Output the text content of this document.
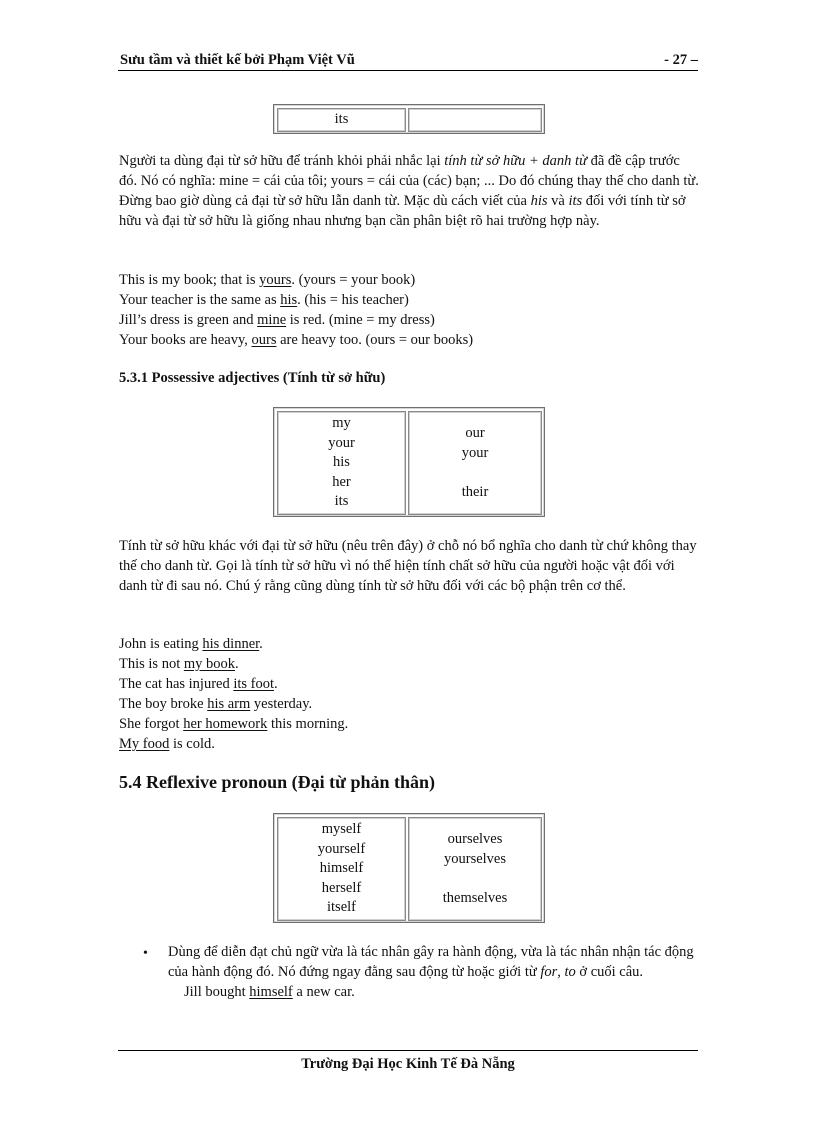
Sưu tầm và thiết kế bởi Phạm Việt Vũ	- 27 –
its

Người ta dùng đại từ sở hữu để tránh khỏi phải nhắc lại tính từ sở hữu + danh từ đã đề cập trước đó. Nó có nghĩa: mine = cái của tôi; yours = cái của (các) bạn; ... Do đó chúng thay thế cho danh từ. Đừng bao giờ dùng cả đại từ sở hữu lẫn danh từ. Mặc dù cách viết của his và its đối với tính từ sở hữu và đại từ sở hữu là giống nhau nhưng bạn cần phân biệt rõ hai trường hợp này.

This is my book; that is yours. (yours = your book)

Your teacher is the same as his. (his = his teacher)

Jill’s dress is green and mine is red. (mine = my dress)

Your books are heavy, ours are heavy too. (ours = our books)

5.3.1 Possessive adjectives (Tính từ sở hữu)
my
your
his
her
its
our
your
their

Tính từ sở hữu khác với đại từ sở hữu (nêu trên đây) ở chỗ nó bổ nghĩa cho danh từ chứ không thay thế cho danh từ. Gọi là tính từ sở hữu vì nó thể hiện tính chất sở hữu của người hoặc vật đối với danh từ đi sau nó. Chú ý rằng cũng dùng tính từ sở hữu đối với các bộ phận trên cơ thể.

John is eating his dinner.

This is not my book.

The cat has injured its foot.

The boy broke his arm yesterday.

She forgot her homework this morning.

My food is cold.

5.4 Reflexive pronoun (Đại từ phản thân)
myself
yourself
himself
herself
itself
ourselves
yourselves
themselves
• Dùng để diễn đạt chủ ngữ vừa là tác nhân gây ra hành động, vừa là tác nhân nhận tác động của hành động đó. Nó đứng ngay đằng sau động từ hoặc giới từ for, to ở cuối câu.

Jill bought himself a new car.

Trường Đại Học Kinh Tế Đà Nẵng
